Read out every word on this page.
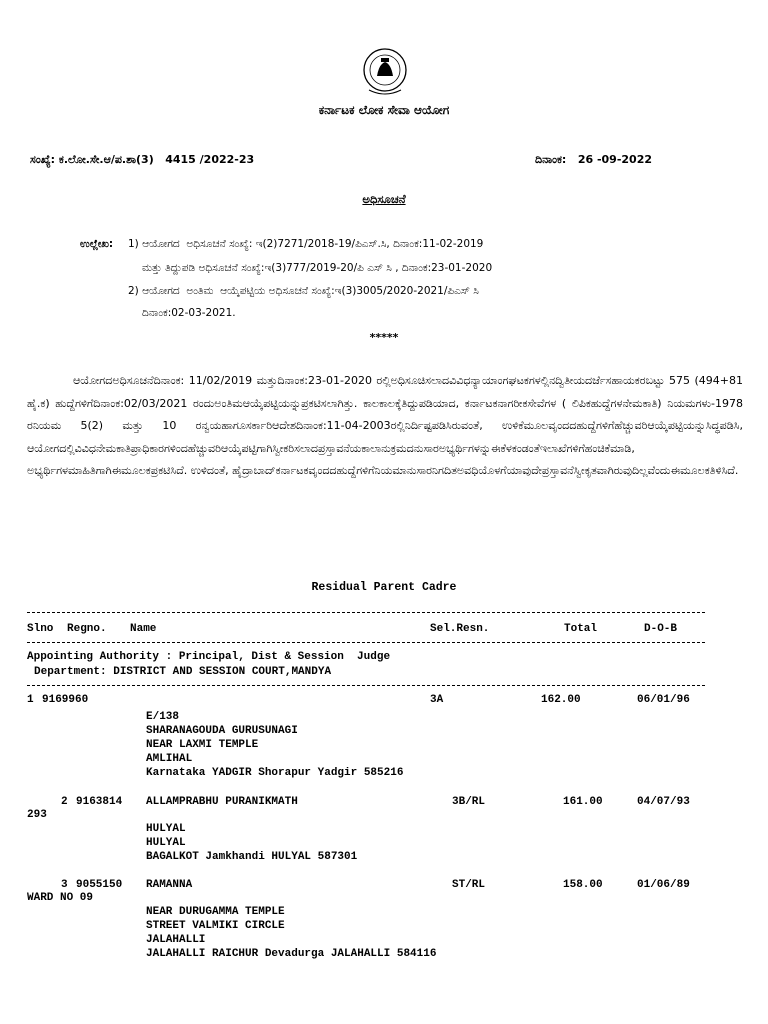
ಕರ್ನಾಟಕ ಲೋಕ ಸೇವಾ ಆಯೋಗ
ಸಂಖ್ಯೆ: ಕ.ಲೋ.ಸೇ.ಆ/ಪ.ಶಾ(3)   4415 /2022-23	ದಿನಾಂಕ:   26 -09-2022
ಅಧಿಸೂಚನೆ
ಉಲ್ಲೇಖ: 1) ಆಯೋಗದ  ಅಧಿಸೂಚನೆ ಸಂಖ್ಯೆ: ಇ(2)7271/2018-19/ಪಿಎಸ್.ಸಿ, ದಿನಾಂಕ:11-02-2019
ಮತ್ತು ತಿದ್ದುಪಡಿ ಅಧಿಸೂಚನೆ ಸಂಖ್ಯೆ:ಇ(3)777/2019-20/ಪಿ ಎಸ್ ಸಿ , ದಿನಾಂಕ:23-01-2020
2) ಆಯೋಗದ  ಅಂತಿಮ  ಆಯ್ಕೆಪಟ್ಟಿಯ ಅಧಿಸೂಚನೆ ಸಂಖ್ಯೆ:ಇ(3)3005/2020-2021/ಪಿಎಸ್ ಸಿ
ದಿನಾಂಕ:02-03-2021.
*****
ಆಯೋಗದಅಧಿಸೂಚನೆದಿನಾಂಕ: 11/02/2019 ಮತ್ತುದಿನಾಂಕ:23-01-2020 ರಲ್ಲಿಅಧಿಸೂಚಿಸಲಾದವಿವಿಧನ್ಯಾಯಾಂಗಘಟಕಗಳಲ್ಲಿನದ್ವಿತೀಯದರ್ಜೆಸಹಾಯಕರಬಟ್ಟು 575 (494+81 ಹೈ.ಕ) ಹುದ್ದೆಗಳಿಗೆದಿನಾಂಕ:02/03/2021 ರಂದುಅಂತಿಮಆಯ್ಕೆಪಟ್ಟಿಯನ್ನುಪ್ರಕಟಿಸಲಾಗಿತ್ತು. ಕಾಲಕಾಲಕ್ಕೆತಿದ್ದುಪಡಿಯಾದ, ಕರ್ನಾಟಕನಾಗರೀಕಸೇವೆಗಳ ( ಲಿಪಿಕಹುದ್ದೆಗಳನೇಮಕಾತಿ) ನಿಯಮಗಳು-1978 ರನಿಯಮ 5(2) ಮತ್ತು 10 ರನ್ವಯಹಾಗೂಸರ್ಕಾರಿಆದೇಶದಿನಾಂಕ:11-04-2003ರಲ್ಲಿನಿರ್ದಿಷ್ಟಪಡಿಸಿರುವಂತೆ, ಉಳಿಕೆಮೂಲವೃಂದದಹುದ್ದೆಗಳಿಗೆಹೆಚ್ಚುವರಿಆಯ್ಕೆಪಟ್ಟಿಯನ್ನುಸಿದ್ಧಪಡಿಸಿ, ಆಯೋಗದಲ್ಲಿವಿವಿಧನೇಮಕಾತಿಪ್ರಾಧಿಕಾರಗಳಿಂದಹೆಚ್ಚುವರಿಆಯ್ಕೆಪಟ್ಟಿಗಾಗಿಸ್ವೀಕರಿಸಲಾದಪ್ರಸ್ತಾವನೆಯಕಾಲಾನುಕ್ರಮದನುಸಾರಅಭ್ಯರ್ಥಿಗಳನ್ನುಈಕೆಳಕಂಡಂತೆಇಲಾಖೆಗಳಿಗೆಹಂಚಿಕೆಮಾಡಿ, ಅಭ್ಯರ್ಥಿಗಳಮಾಹಿತಿಗಾಗಿಈಮೂಲಕಪ್ರಕಟಿಸಿದೆ. ಉಳಿದಂತೆ, ಹೈದ್ರಾಬಾದ್‌ಕರ್ನಾಟಕವೃಂದದಹುದ್ದೆಗಳಿಗೆನಿಯಮಾನುಸಾರನಿಗದಿತಅವಧಿಯೊಳಗೆಯಾವುದೇಪ್ರಸ್ತಾವನೆಸ್ವೀಕೃತವಾಗಿರುವುದಿಲ್ಲವೆಂದುಈಮೂಲಕತಿಳಿಸಿದೆ.
Residual Parent Cadre
Slno Regno. Name	Sel.Resn.	Total	D-O-B
Appointing Authority : Principal, Dist & Session  Judge
Department: DISTRICT AND SESSION COURT,MANDYA
1 9169960	3A	162.00	06/01/96
E/138
SHARANAGOUDA GURUSUNAGI
NEAR LAXMI TEMPLE
AMLIHAL
Karnataka YADGIR Shorapur Yadgir 585216
2 9163814 ALLAMPRABHU PURANIKMATH	3B/RL	161.00	04/07/93
293
HULYAL
HULYAL
BAGALKOT Jamkhandi HULYAL 587301
3 9055150 RAMANNA	ST/RL	158.00	01/06/89
WARD NO 09
NEAR DURUGAMMA TEMPLE
STREET VALMIKI CIRCLE
JALAHALLI
JALAHALLI RAICHUR Devadurga JALAHALLI 584116
